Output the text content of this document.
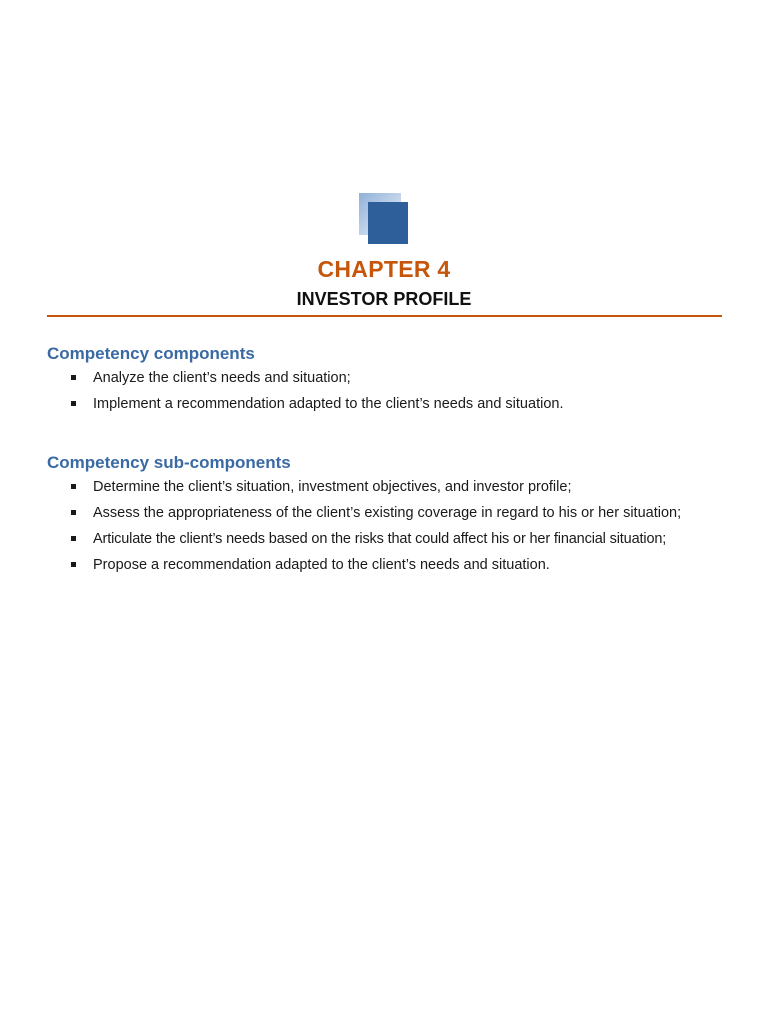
CHAPTER 4
INVESTOR PROFILE
Competency components
Analyze the client’s needs and situation;
Implement a recommendation adapted to the client’s needs and situation.
Competency sub-components
Determine the client’s situation, investment objectives, and investor profile;
Assess the appropriateness of the client’s existing coverage in regard to his or her situation;
Articulate the client’s needs based on the risks that could affect his or her financial situation;
Propose a recommendation adapted to the client’s needs and situation.
